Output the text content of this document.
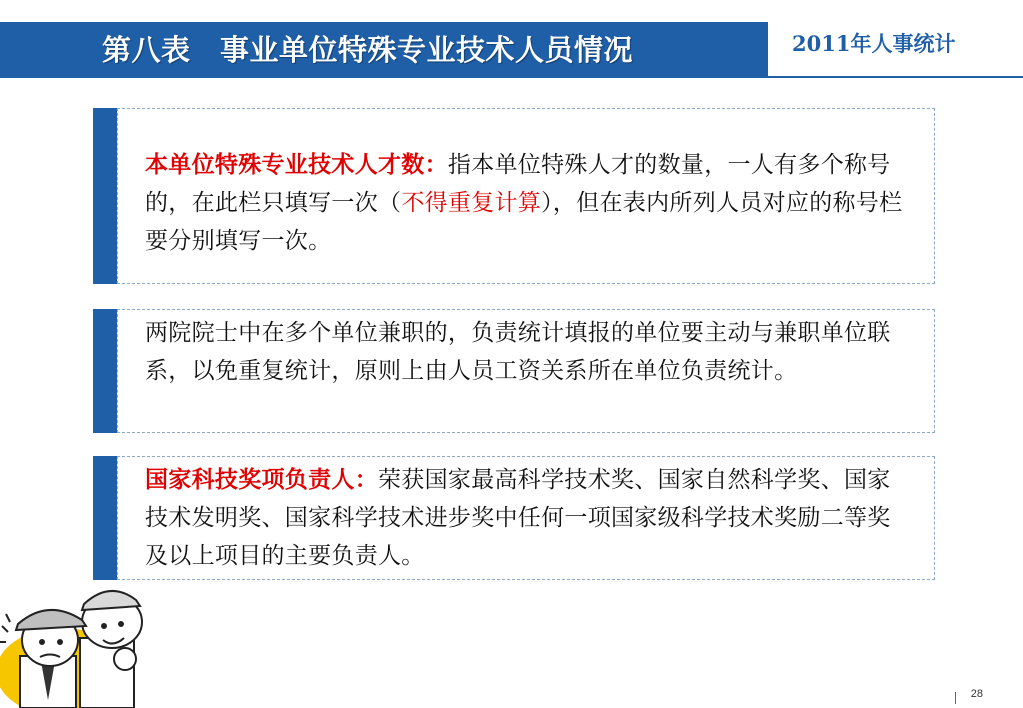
第八表　事业单位特殊专业技术人员情况	2011年人事统计
本单位特殊专业技术人才数：指本单位特殊人才的数量，一人有多个称号的，在此栏只填写一次（不得重复计算），但在表内所列人员对应的称号栏要分别填写一次。
两院院士中在多个单位兼职的，负责统计填报的单位要主动与兼职单位联系，以免重复统计，原则上由人员工资关系所在单位负责统计。
国家科技奖项负责人：荣获国家最高科学技术奖、国家自然科学奖、国家技术发明奖、国家科学技术进步奖中任何一项国家级科学技术奖励二等奖及以上项目的主要负责人。
28
